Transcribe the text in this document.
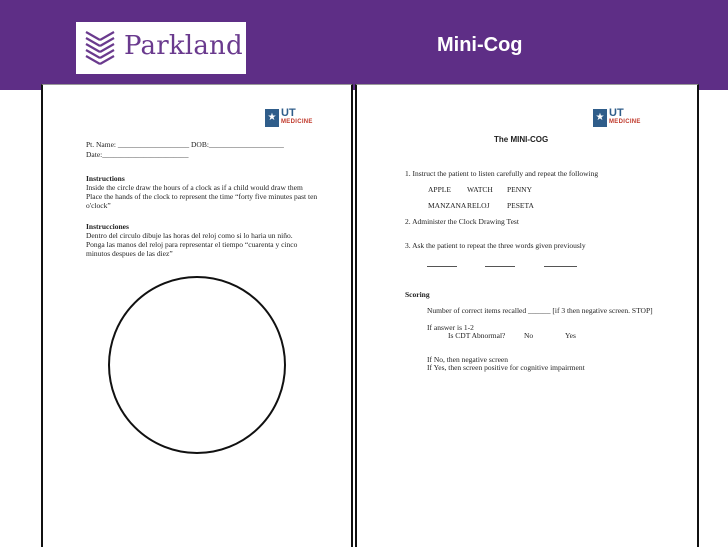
Parkland	Mini-Cog
★ UT
MEDICINE
Pt. Name: ___________________ DOB:____________________
Date:_______________________
Instructions
Inside the circle draw the hours of a clock as if a child would draw them
Place the hands of the clock to represent the time “forty five minutes past ten
o'clock”
Instrucciones
Dentro del circulo dibuje las horas del reloj como si lo haria un niño.
Ponga las manos del reloj para representar el tiempo “cuarenta y cinco
minutos despues de las diez”
★ UT
MEDICINE
The MINI-COG
1. Instruct the patient to listen carefully and repeat the following
APPLE WATCH PENNY
MANZANA RELOJ PESETA
2. Administer the Clock Drawing Test
3. Ask the patient to repeat the three words given previously
Scoring
Number of correct items recalled ______ [if 3 then negative screen. STOP]
If answer is 1-2
Is CDT Abnormal? No	Yes
If No, then negative screen
If Yes, then screen positive for cognitive impairment
